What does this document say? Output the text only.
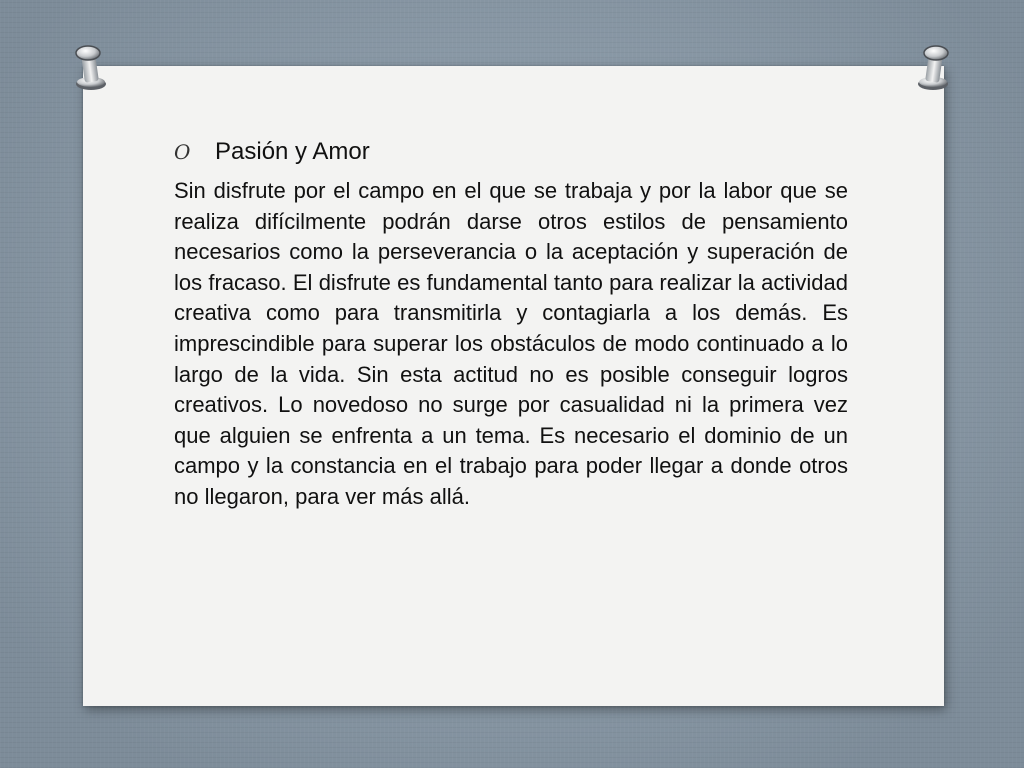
O	Pasión y Amor

Sin disfrute por el campo en el que se trabaja y por la labor que se realiza difícilmente podrán darse otros estilos de pensamiento necesarios como la perseverancia o la aceptación y superación de los fracaso. El disfrute es fundamental tanto para realizar la actividad creativa como para transmitirla y contagiarla a los demás. Es imprescindible para superar los obstáculos de modo continuado a lo largo de la vida. Sin esta actitud no es posible conseguir logros creativos. Lo novedoso no surge por casualidad ni la primera vez que alguien se enfrenta a un tema. Es necesario el dominio de un campo y la constancia en el trabajo para poder llegar a donde otros no llegaron, para ver más allá.
